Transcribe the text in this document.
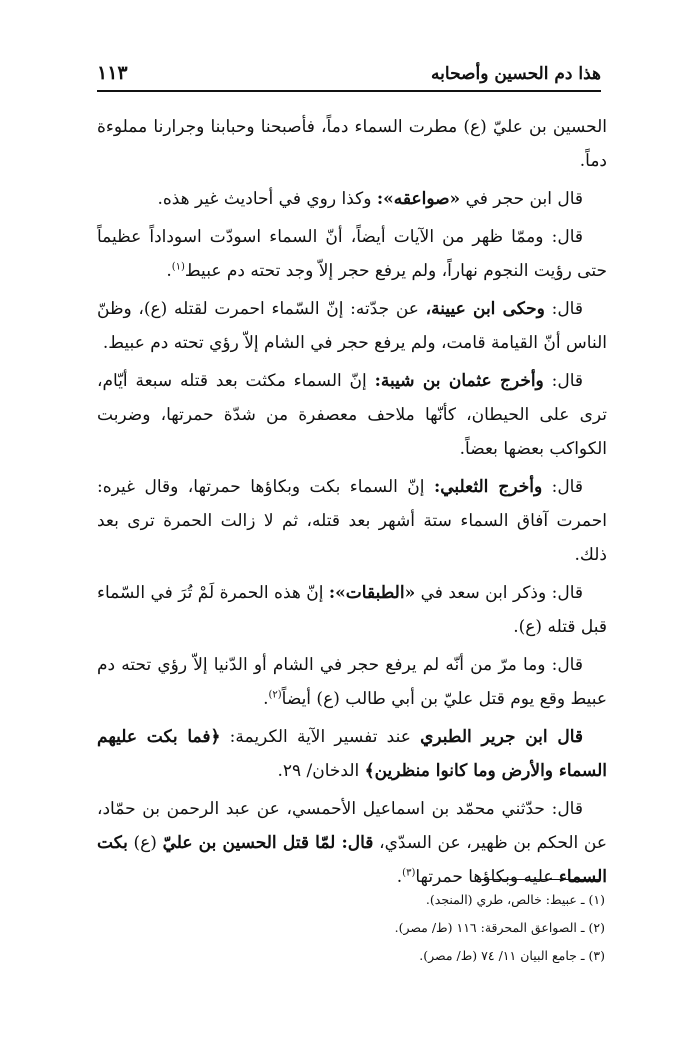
هذا دم الحسين وأصحابه
١١٣

الحسين بن عليّ (ع) مطرت السماء دماً، فأصبحنا وحبابنا وجرارنا مملوءة دماً.

قال ابن حجر في «صواعقه»: وكذا روي في أحاديث غير هذه.

قال: وممّا ظهر من الآيات أيضاً، أنّ السماء اسودّت اسوداداً عظيماً حتى رؤيت النجوم نهاراً، ولم يرفع حجر إلاّ وجد تحته دم عبيط$^{(١)}$.

قال: وحكى ابن عيينة، عن جدّته: إنّ السّماء احمرت لقتله (ع)، وظنّ الناس أنّ القيامة قامت، ولم يرفع حجر في الشام إلاّ رؤي تحته دم عبيط.

قال: وأخرج عثمان بن شيبة: إنّ السماء مكثت بعد قتله سبعة أيّام، ترى على الحيطان، كأنّها ملاحف معصفرة من شدّة حمرتها، وضربت الكواكب بعضها بعضاً.

قال: وأخرج الثعلبي: إنّ السماء بكت وبكاؤها حمرتها، وقال غيره: احمرت آفاق السماء ستة أشهر بعد قتله، ثم لا زالت الحمرة ترى بعد ذلك.

قال: وذكر ابن سعد في «الطبقات»: إنّ هذه الحمرة لَمْ تُرَ في السّماء قبل قتله (ع).

قال: وما مرّ من أنّه لم يرفع حجر في الشام أو الدّنيا إلاّ رؤي تحته دم عبيط وقع يوم قتل عليّ بن أبي طالب (ع) أيضاً$^{(٢)}$.

قال ابن جرير الطبري عند تفسير الآية الكريمة: ﴿فما بكت عليهم السماء والأرض وما كانوا منظرين﴾ الدخان/ ٢٩.

قال: حدّثني محمّد بن اسماعيل الأحمسي، عن عبد الرحمن بن حمّاد، عن الحكم بن ظهير، عن السدّي، قال: لمّا قتل الحسين بن عليّ (ع) بكت السماء عليه وبكاؤها حمرتها$^{(٣)}$.

(١) ـ عبيط: خالص، طري (المنجد).

(٢) ـ الصواعق المحرقة: ١١٦ (ط/ مصر).

(٣) ـ جامع البيان ١١/ ٧٤ (ط/ مصر).
